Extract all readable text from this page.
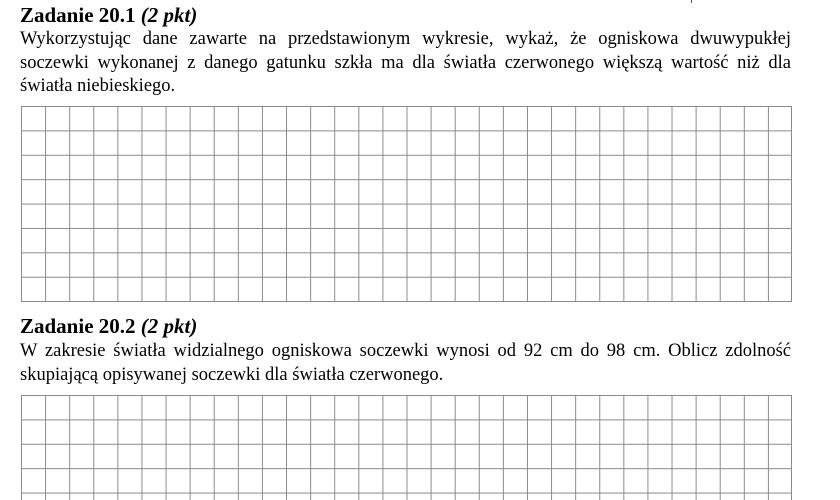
Zadanie 20.1 (2 pkt)
Wykorzystując dane zawarte na przedstawionym wykresie, wykaż, że ogniskowa dwuwypukłej soczewki wykonanej z danego gatunku szkła ma dla światła czerwonego większą wartość niż dla światła niebieskiego.
Zadanie 20.2 (2 pkt)
W zakresie światła widzialnego ogniskowa soczewki wynosi od 92 cm do 98 cm. Oblicz zdolność skupiającą opisywanej soczewki dla światła czerwonego.
